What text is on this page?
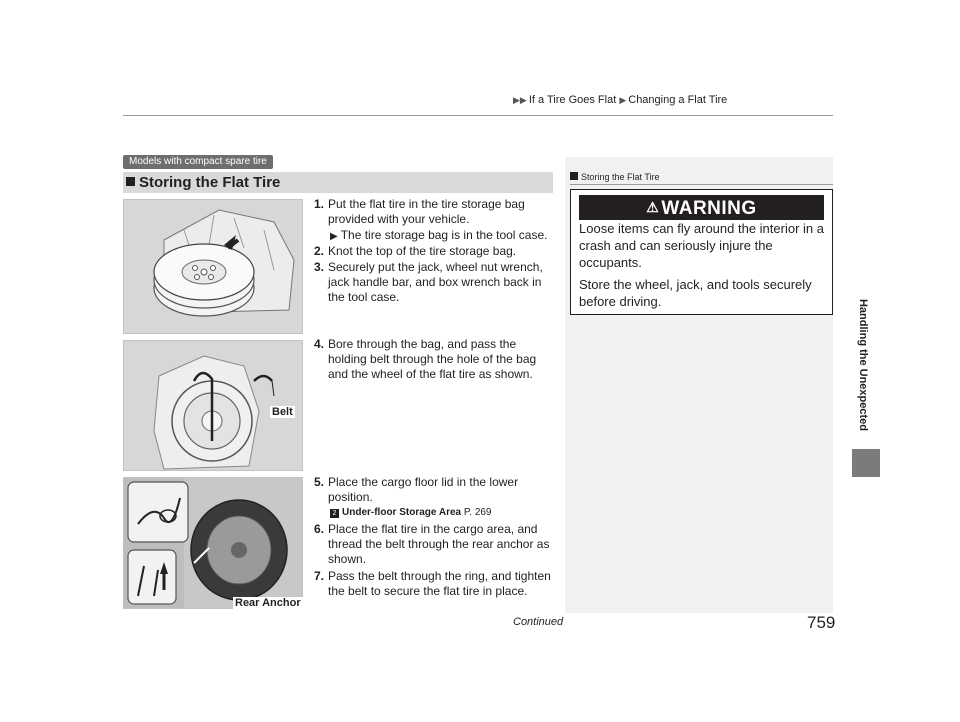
▶▶ If a Tire Goes Flat ▶ Changing a Flat Tire
Handling the Unexpected
Models with compact spare tire
Storing the Flat Tire
Belt
Rear Anchor
1. Put the flat tire in the tire storage bag provided with your vehicle.
▶ The tire storage bag is in the tool case.
2. Knot the top of the tire storage bag.
3. Securely put the jack, wheel nut wrench, jack handle bar, and box wrench back in the tool case.
4. Bore through the bag, and pass the holding belt through the hole of the bag and the wheel of the flat tire as shown.
5. Place the cargo floor lid in the lower position.
2 Under-floor Storage Area P. 269
6. Place the flat tire in the cargo area, and thread the belt through the rear anchor as shown.
7. Pass the belt through the ring, and tighten the belt to secure the flat tire in place.
Storing the Flat Tire
⚠ WARNING
Loose items can fly around the interior in a crash and can seriously injure the occupants.
Store the wheel, jack, and tools securely before driving.
Continued	759
